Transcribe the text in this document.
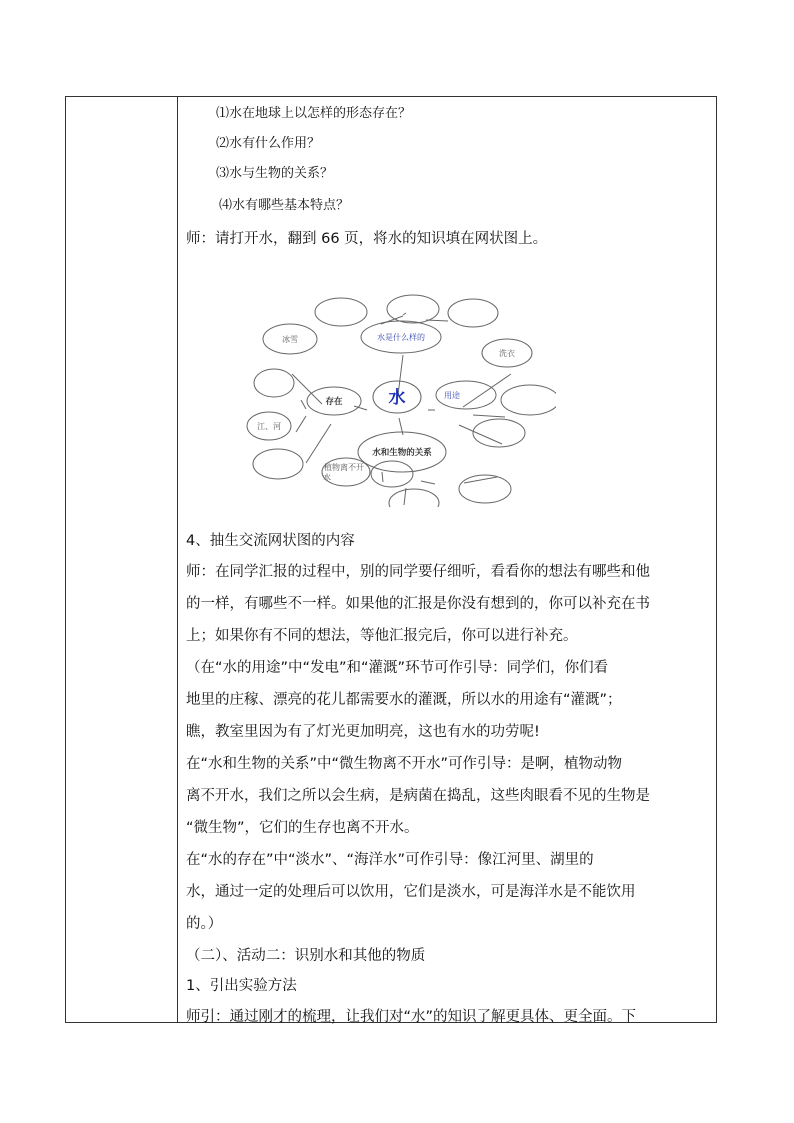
⑴水在地球上以怎样的形态存在？
⑵水有什么作用？
⑶水与生物的关系？
⑷水有哪些基本特点？
师：请打开水，翻到 66 页，将水的知识填在网状图上。
水
水是什么样的
存在
用途
水和生物的关系
冰雪
江、河
洗衣
植物离不开
水
4、抽生交流网状图的内容
师：在同学汇报的过程中，别的同学要仔细听，看看你的想法有哪些和他
的一样，有哪些不一样。如果他的汇报是你没有想到的，你可以补充在书
上；如果你有不同的想法，等他汇报完后，你可以进行补充。
（在“水的用途”中“发电”和“灌溉”环节可作引导：同学们，你们看
地里的庄稼、漂亮的花儿都需要水的灌溉，所以水的用途有“灌溉”；
瞧，教室里因为有了灯光更加明亮，这也有水的功劳呢!
在“水和生物的关系”中“微生物离不开水”可作引导：是啊，植物动物
离不开水，我们之所以会生病，是病菌在捣乱，这些肉眼看不见的生物是
“微生物”，它们的生存也离不开水。
在“水的存在”中“淡水”、“海洋水”可作引导：像江河里、湖里的
水，通过一定的处理后可以饮用，它们是淡水，可是海洋水是不能饮用
的。）
（二）、活动二：识别水和其他的物质
1、引出实验方法
师引：通过刚才的梳理，让我们对“水”的知识了解更具体、更全面。下
